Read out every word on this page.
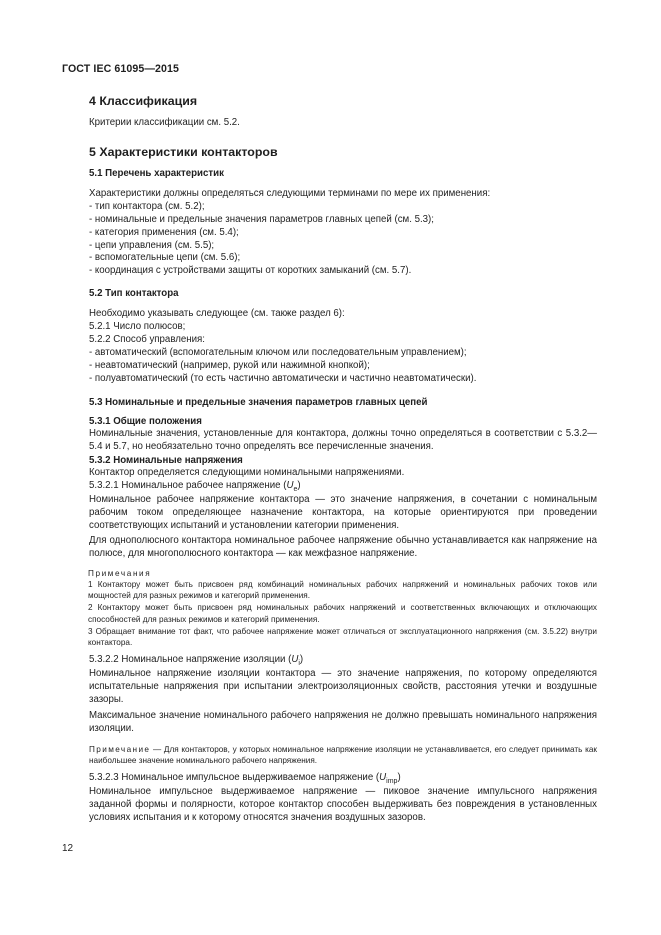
ГОСТ IEC 61095—2015

4 Классификация

Критерии классификации см. 5.2.

5 Характеристики контакторов

5.1 Перечень характеристик

Характеристики должны определяться следующими терминами по мере их применения:

- тип контактора (см. 5.2);

- номинальные и предельные значения параметров главных цепей (см. 5.3);

- категория применения (см. 5.4);

- цепи управления (см. 5.5);

- вспомогательные цепи (см. 5.6);

- координация с устройствами защиты от коротких замыканий (см. 5.7).

5.2 Тип контактора

Необходимо указывать следующее (см. также раздел 6):

5.2.1 Число полюсов;

5.2.2 Способ управления:

- автоматический (вспомогательным ключом или последовательным управлением);

- неавтоматический (например, рукой или нажимной кнопкой);

- полуавтоматический (то есть частично автоматически и частично неавтоматически).

5.3 Номинальные и предельные значения параметров главных цепей

5.3.1 Общие положения

Номинальные значения, установленные для контактора, должны точно определяться в соответствии с 5.3.2—5.4 и 5.7, но необязательно точно определять все перечисленные значения.

5.3.2 Номинальные напряжения

Контактор определяется следующими номинальными напряжениями.

5.3.2.1 Номинальное рабочее напряжение $(U_e)$

Номинальное рабочее напряжение контактора — это значение напряжения, в сочетании с номинальным рабочим током определяющее назначение контактора, на которые ориентируются при проведении соответствующих испытаний и установлении категории применения.

Для однополюсного контактора номинальное рабочее напряжение обычно устанавливается как напряжение на полюсе, для многополюсного контактора — как межфазное напряжение.

Примечания

1 Контактору может быть присвоен ряд комбинаций номинальных рабочих напряжений и номинальных рабочих токов или мощностей для разных режимов и категорий применения.

2 Контактору может быть присвоен ряд номинальных рабочих напряжений и соответственных включающих и отключающих способностей для разных режимов и категорий применения.

3 Обращает внимание тот факт, что рабочее напряжение может отличаться от эксплуатационного напряжения (см. 3.5.22) внутри контактора.

5.3.2.2 Номинальное напряжение изоляции $(U_i)$

Номинальное напряжение изоляции контактора — это значение напряжения, по которому определяются испытательные напряжения при испытании электроизоляционных свойств, расстояния утечки и воздушные зазоры.

Максимальное значение номинального рабочего напряжения не должно превышать номинального напряжения изоляции.

Примечание — Для контакторов, у которых номинальное напряжение изоляции не устанавливается, его следует принимать как наибольшее значение номинального рабочего напряжения.

5.3.2.3 Номинальное импульсное выдерживаемое напряжение $(U_{imp})$

Номинальное импульсное выдерживаемое напряжение — пиковое значение импульсного напряжения заданной формы и полярности, которое контактор способен выдерживать без повреждения в установленных условиях испытания и к которому относятся значения воздушных зазоров.

12
